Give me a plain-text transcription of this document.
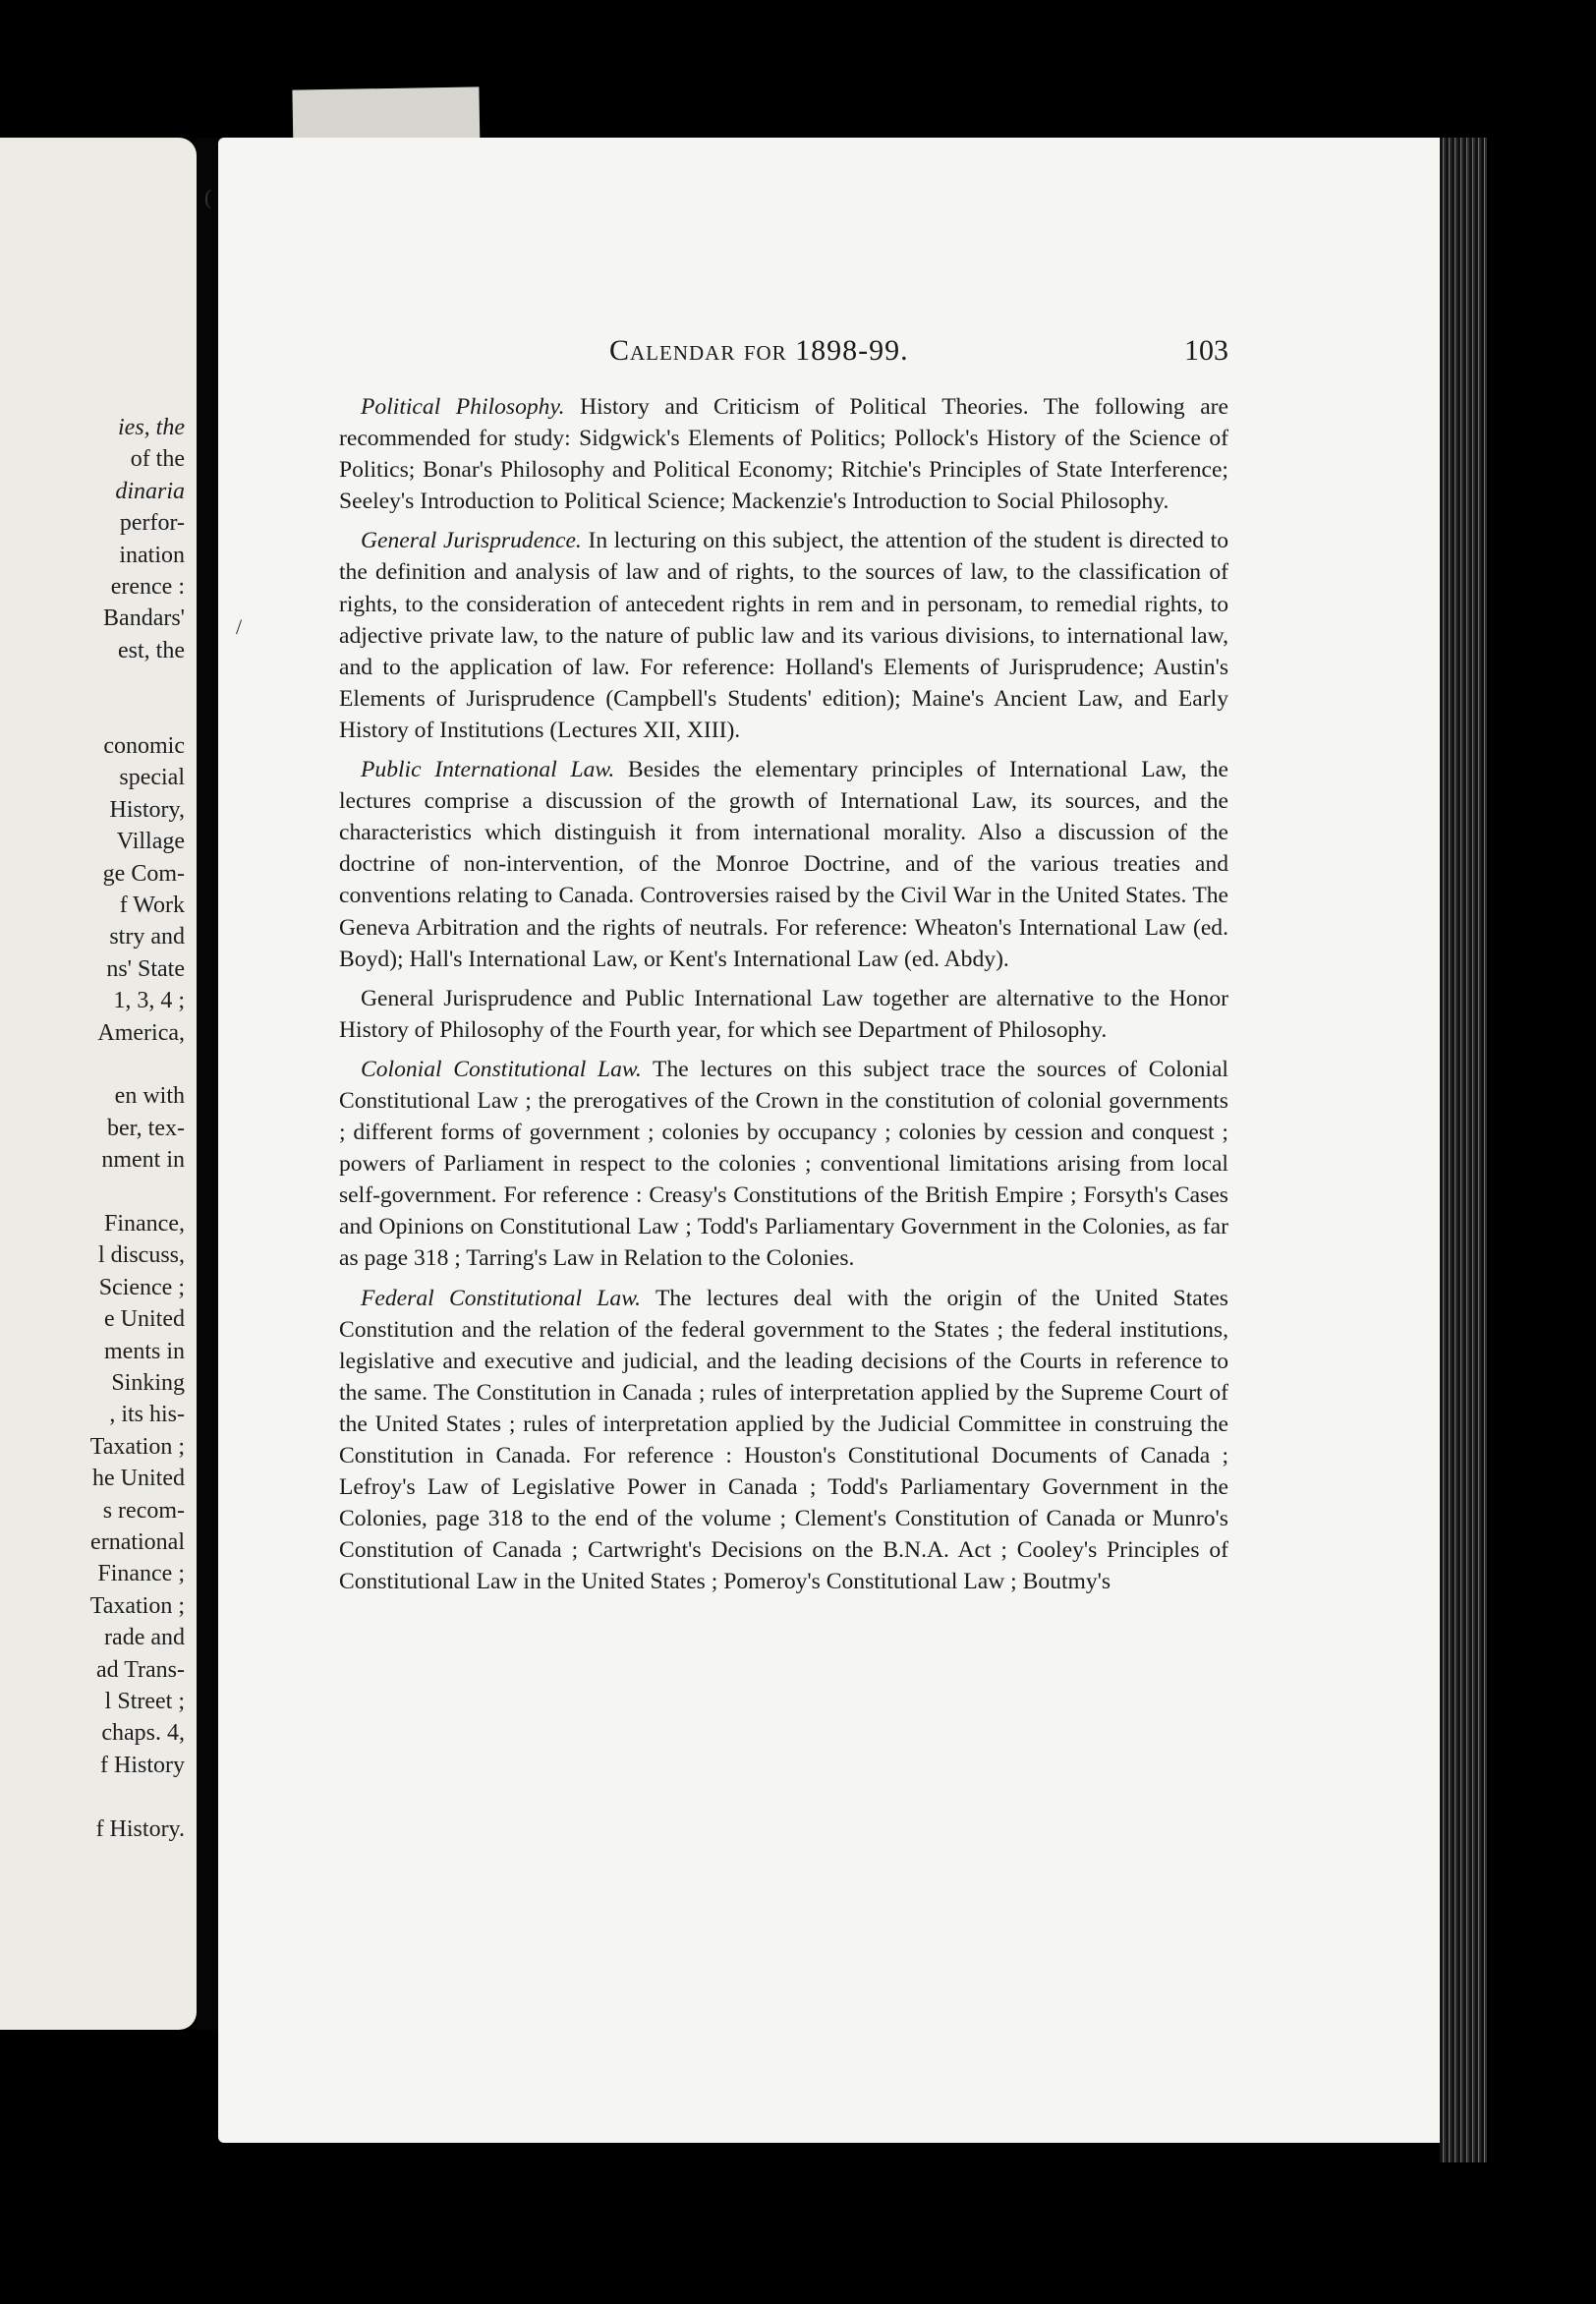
ies, the

of the

dinaria

perfor-

ination

erence :

Bandars'

est, the

conomic

special

History,

Village

ge Com-

f Work

stry and

ns' State

1, 3, 4 ;

America,

en with

ber, tex-

nment in

Finance,

l discuss,

Science ;

e United

ments in

Sinking

, its his-

Taxation ;

he United

s recom-

ernational

Finance ;

Taxation ;

rade and

ad Trans-

l Street ;

chaps. 4,

f History

f History.

(
/
Calendar for 1898-99.	103

Political Philosophy. History and Criticism of Political Theories. The following are recommended for study: Sidgwick's Elements of Politics; Pollock's History of the Science of Politics; Bonar's Philosophy and Political Economy; Ritchie's Principles of State Interference; Seeley's Introduction to Political Science; Mackenzie's Introduction to Social Philosophy.

General Jurisprudence. In lecturing on this subject, the attention of the student is directed to the definition and analysis of law and of rights, to the sources of law, to the classification of rights, to the consideration of antecedent rights in rem and in personam, to remedial rights, to adjective private law, to the nature of public law and its various divisions, to international law, and to the application of law. For reference: Holland's Elements of Jurisprudence; Austin's Elements of Jurisprudence (Campbell's Students' edition); Maine's Ancient Law, and Early History of Institutions (Lectures XII, XIII).

Public International Law. Besides the elementary principles of International Law, the lectures comprise a discussion of the growth of International Law, its sources, and the characteristics which distinguish it from international morality. Also a discussion of the doctrine of non-intervention, of the Monroe Doctrine, and of the various treaties and conventions relating to Canada. Controversies raised by the Civil War in the United States. The Geneva Arbitration and the rights of neutrals. For reference: Wheaton's International Law (ed. Boyd); Hall's International Law, or Kent's International Law (ed. Abdy).

General Jurisprudence and Public International Law together are alternative to the Honor History of Philosophy of the Fourth year, for which see Department of Philosophy.

Colonial Constitutional Law. The lectures on this subject trace the sources of Colonial Constitutional Law ; the prerogatives of the Crown in the constitution of colonial governments ; different forms of government ; colonies by occupancy ; colonies by cession and conquest ; powers of Parliament in respect to the colonies ; conventional limitations arising from local self-government. For reference : Creasy's Constitutions of the British Empire ; Forsyth's Cases and Opinions on Constitutional Law ; Todd's Parliamentary Government in the Colonies, as far as page 318 ; Tarring's Law in Relation to the Colonies.

Federal Constitutional Law. The lectures deal with the origin of the United States Constitution and the relation of the federal government to the States ; the federal institutions, legislative and executive and judicial, and the leading decisions of the Courts in reference to the same. The Constitution in Canada ; rules of interpretation applied by the Supreme Court of the United States ; rules of interpretation applied by the Judicial Committee in construing the Constitution in Canada. For reference : Houston's Constitutional Documents of Canada ; Lefroy's Law of Legislative Power in Canada ; Todd's Parliamentary Government in the Colonies, page 318 to the end of the volume ; Clement's Constitution of Canada or Munro's Constitution of Canada ; Cartwright's Decisions on the B.N.A. Act ; Cooley's Principles of Constitutional Law in the United States ; Pomeroy's Constitutional Law ; Boutmy's
